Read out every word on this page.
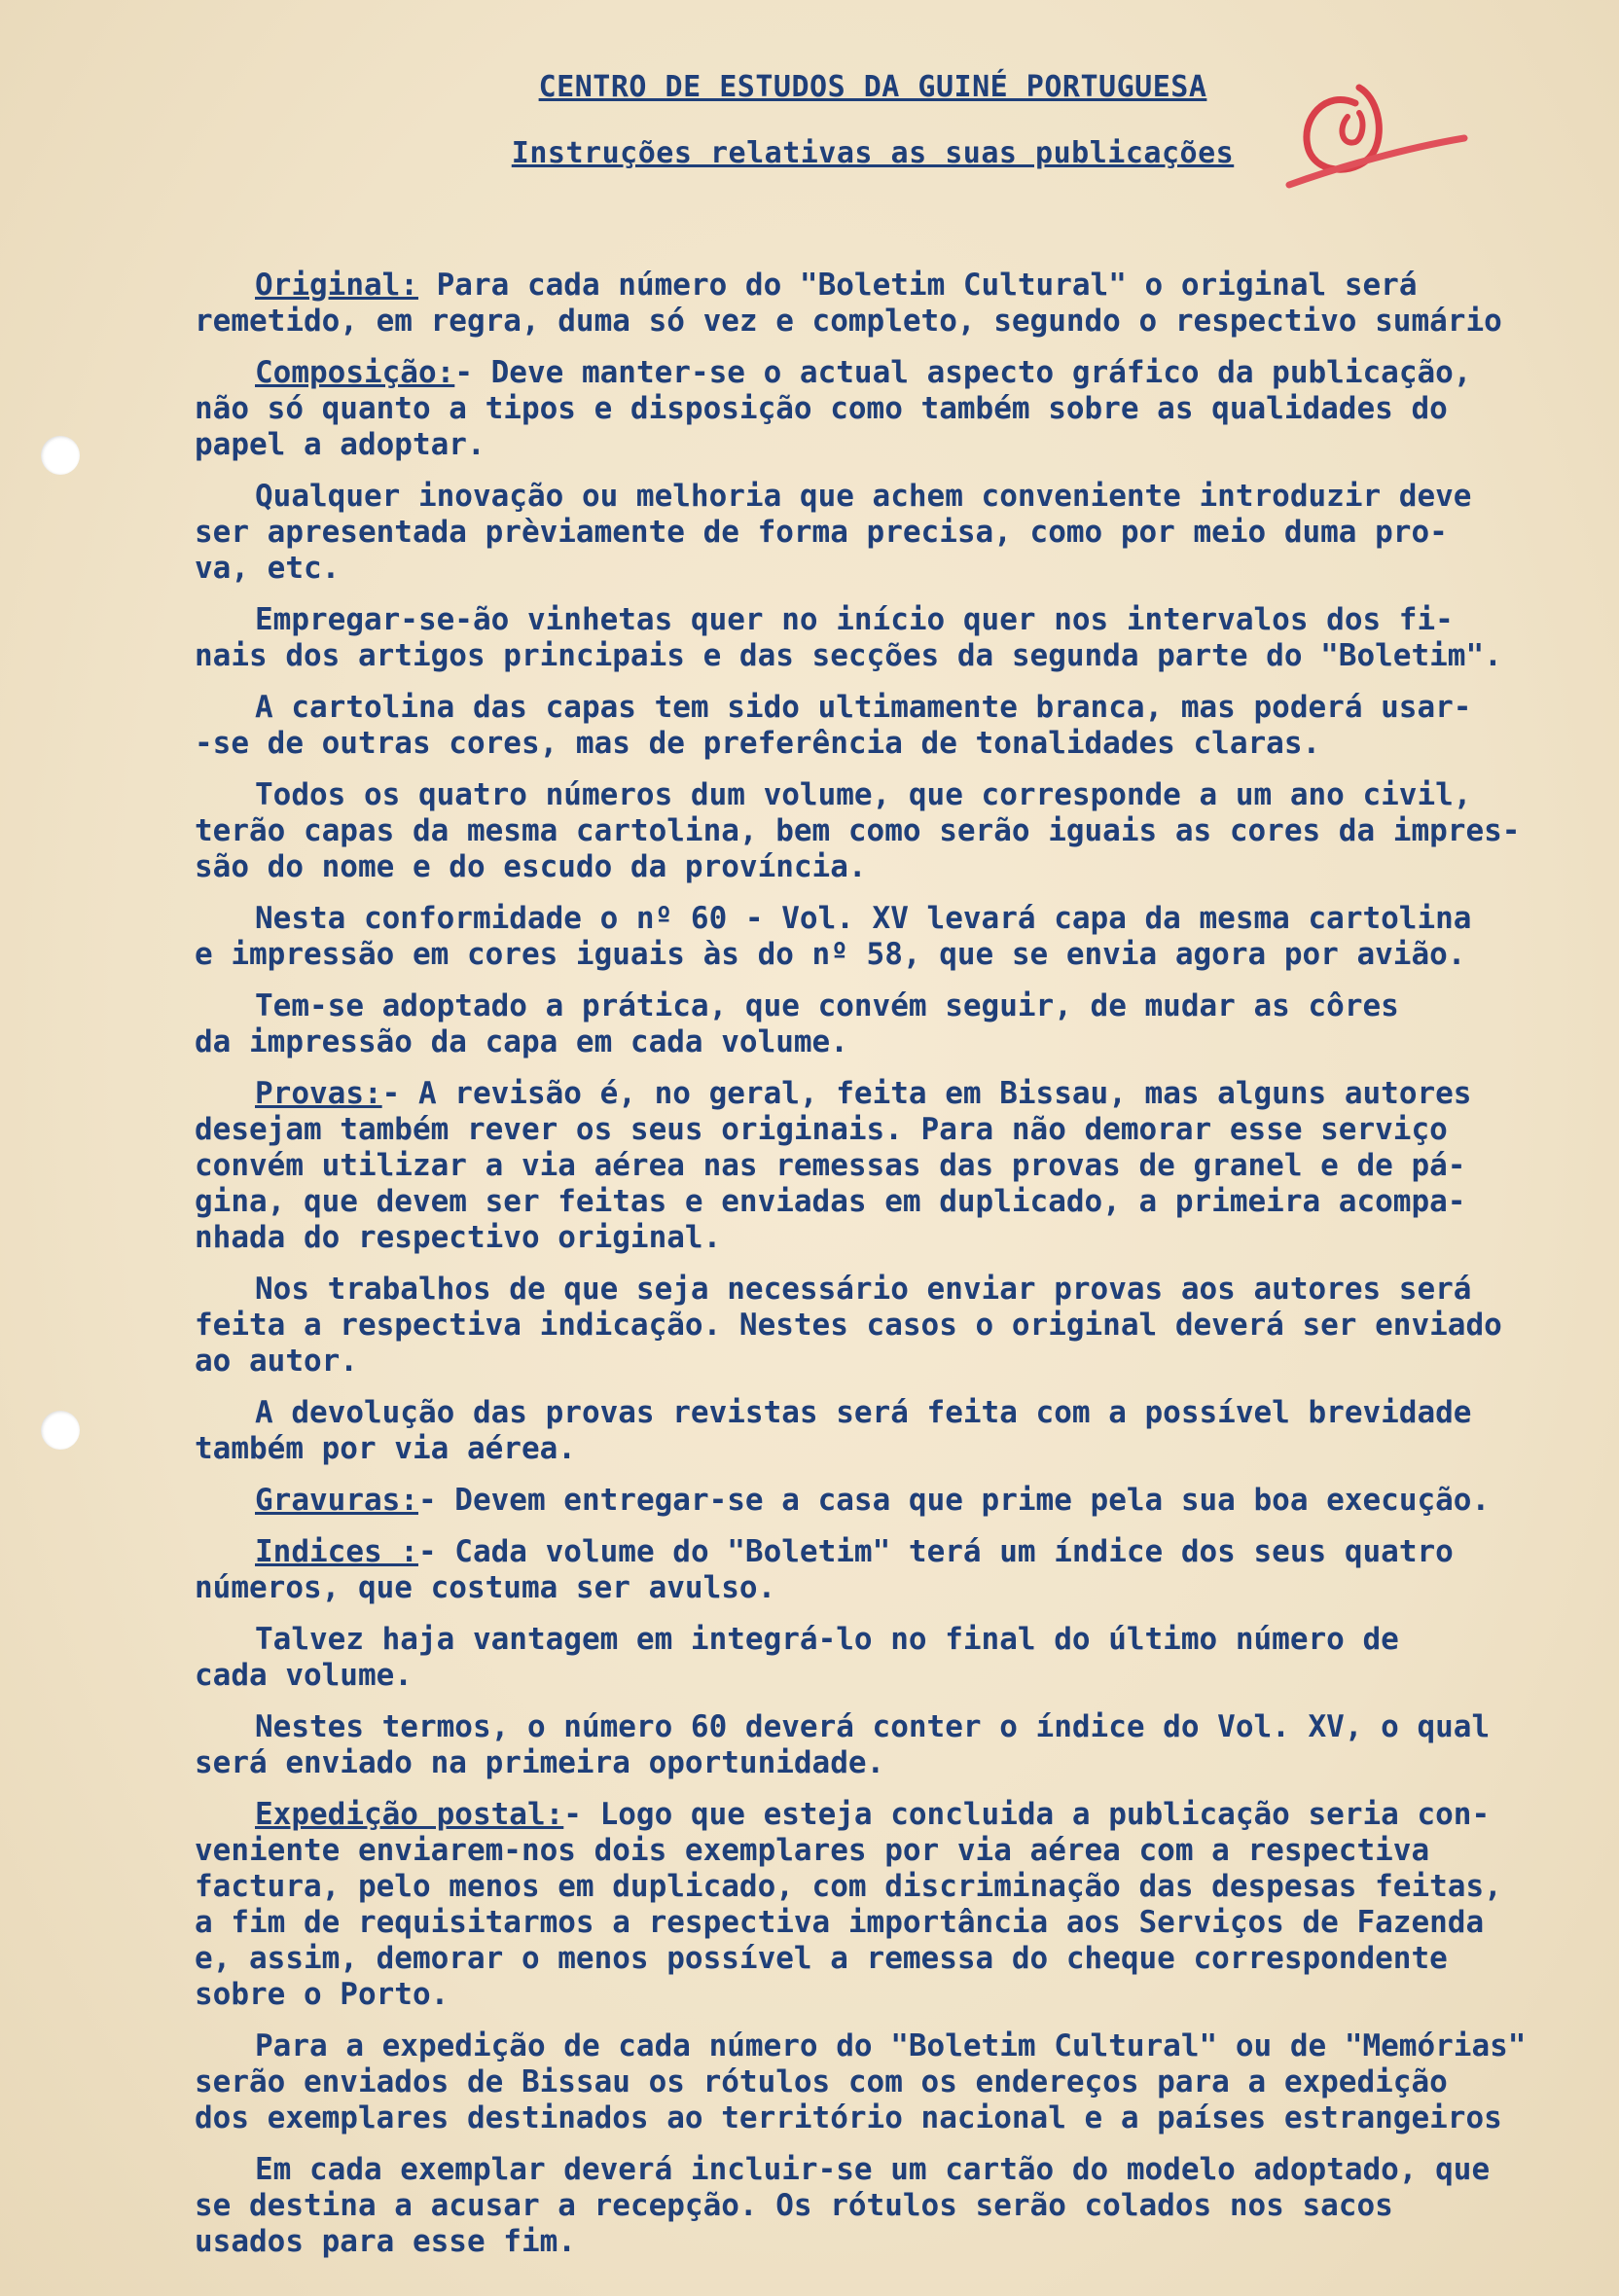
CENTRO DE ESTUDOS DA GUINÉ PORTUGUESA
Instruções relativas as suas publicações
Original: Para cada número do "Boletim Cultural" o original será
remetido, em regra, duma só vez e completo, segundo o respectivo sumário
Composição:- Deve manter-se o actual aspecto gráfico da publicação,
não só quanto a tipos e disposição como também sobre as qualidades do
papel a adoptar.
Qualquer inovação ou melhoria que achem conveniente introduzir deve
ser apresentada prèviamente de forma precisa, como por meio duma pro-
va, etc.
Empregar-se-ão vinhetas quer no início quer nos intervalos dos fi-
nais dos artigos principais e das secções da segunda parte do "Boletim".
A cartolina das capas tem sido ultimamente branca, mas poderá usar-
-se de outras cores, mas de preferência de tonalidades claras.
Todos os quatro números dum volume, que corresponde a um ano civil,
terão capas da mesma cartolina, bem como serão iguais as cores da impres-
são do nome e do escudo da província.
Nesta conformidade o nº 60 - Vol. XV levará capa da mesma cartolina
e impressão em cores iguais às do nº 58, que se envia agora por avião.
Tem-se adoptado a prática, que convém seguir, de mudar as côres
da impressão da capa em cada volume.
Provas:- A revisão é, no geral, feita em Bissau, mas alguns autores
desejam também rever os seus originais. Para não demorar esse serviço
convém utilizar a via aérea nas remessas das provas de granel e de pá-
gina, que devem ser feitas e enviadas em duplicado, a primeira acompa-
nhada do respectivo original.
Nos trabalhos de que seja necessário enviar provas aos autores será
feita a respectiva indicação. Nestes casos o original deverá ser enviado
ao autor.
A devolução das provas revistas será feita com a possível brevidade
também por via aérea.
Gravuras:- Devem entregar-se a casa que prime pela sua boa execução.
Indices :- Cada volume do "Boletim" terá um índice dos seus quatro
números, que costuma ser avulso.
Talvez haja vantagem em integrá-lo no final do último número de
cada volume.
Nestes termos, o número 60 deverá conter o índice do Vol. XV, o qual
será enviado na primeira oportunidade.
Expedição postal:- Logo que esteja concluida a publicação seria con-
veniente enviarem-nos dois exemplares por via aérea com a respectiva
factura, pelo menos em duplicado, com discriminação das despesas feitas,
a fim de requisitarmos a respectiva importância aos Serviços de Fazenda
e, assim, demorar o menos possível a remessa do cheque correspondente
sobre o Porto.
Para a expedição de cada número do "Boletim Cultural" ou de "Memórias"
serão enviados de Bissau os rótulos com os endereços para a expedição
dos exemplares destinados ao território nacional e a países estrangeiros
Em cada exemplar deverá incluir-se um cartão do modelo adoptado, que
se destina a acusar a recepção. Os rótulos serão colados nos sacos
usados para esse fim.
